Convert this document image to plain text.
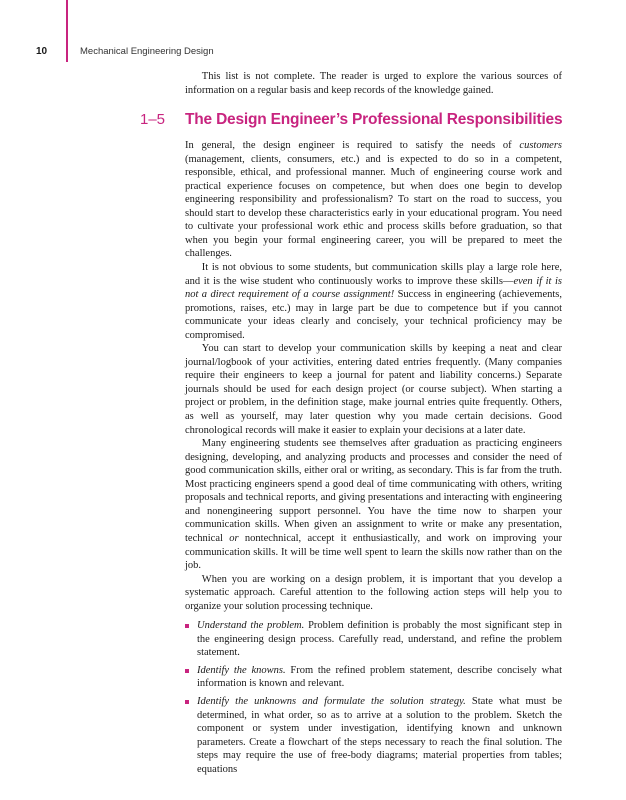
10	Mechanical Engineering Design

This list is not complete. The reader is urged to explore the various sources of information on a regular basis and keep records of the knowledge gained.

1–5 The Design Engineer’s Professional Responsibilities

In general, the design engineer is required to satisfy the needs of customers (management, clients, consumers, etc.) and is expected to do so in a competent, responsible, ethical, and professional manner. Much of engineering course work and practical experience focuses on competence, but when does one begin to develop engineering responsibility and professionalism? To start on the road to success, you should start to develop these characteristics early in your educational program. You need to cultivate your professional work ethic and process skills before graduation, so that when you begin your formal engineering career, you will be prepared to meet the challenges.

It is not obvious to some students, but communication skills play a large role here, and it is the wise student who continuously works to improve these skills—even if it is not a direct requirement of a course assignment! Success in engineering (achievements, promotions, raises, etc.) may in large part be due to competence but if you cannot communicate your ideas clearly and concisely, your technical proficiency may be compromised.

You can start to develop your communication skills by keeping a neat and clear journal/logbook of your activities, entering dated entries frequently. (Many companies require their engineers to keep a journal for patent and liability concerns.) Separate journals should be used for each design project (or course subject). When starting a project or problem, in the definition stage, make journal entries quite frequently. Others, as well as yourself, may later question why you made certain decisions. Good chronological records will make it easier to explain your decisions at a later date.

Many engineering students see themselves after graduation as practicing engineers designing, developing, and analyzing products and processes and consider the need of good communication skills, either oral or writing, as secondary. This is far from the truth. Most practicing engineers spend a good deal of time communicating with others, writing proposals and technical reports, and giving presentations and interacting with engineering and nonengineering support personnel. You have the time now to sharpen your communication skills. When given an assignment to write or make any presentation, technical or nontechnical, accept it enthusiastically, and work on improving your communication skills. It will be time well spent to learn the skills now rather than on the job.

When you are working on a design problem, it is important that you develop a systematic approach. Careful attention to the following action steps will help you to organize your solution processing technique.

Understand the problem. Problem definition is probably the most significant step in the engineering design process. Carefully read, understand, and refine the problem statement.
Identify the knowns. From the refined problem statement, describe concisely what information is known and relevant.
Identify the unknowns and formulate the solution strategy. State what must be determined, in what order, so as to arrive at a solution to the problem. Sketch the component or system under investigation, identifying known and unknown parameters. Create a flowchart of the steps necessary to reach the final solution. The steps may require the use of free-body diagrams; material properties from tables; equations
